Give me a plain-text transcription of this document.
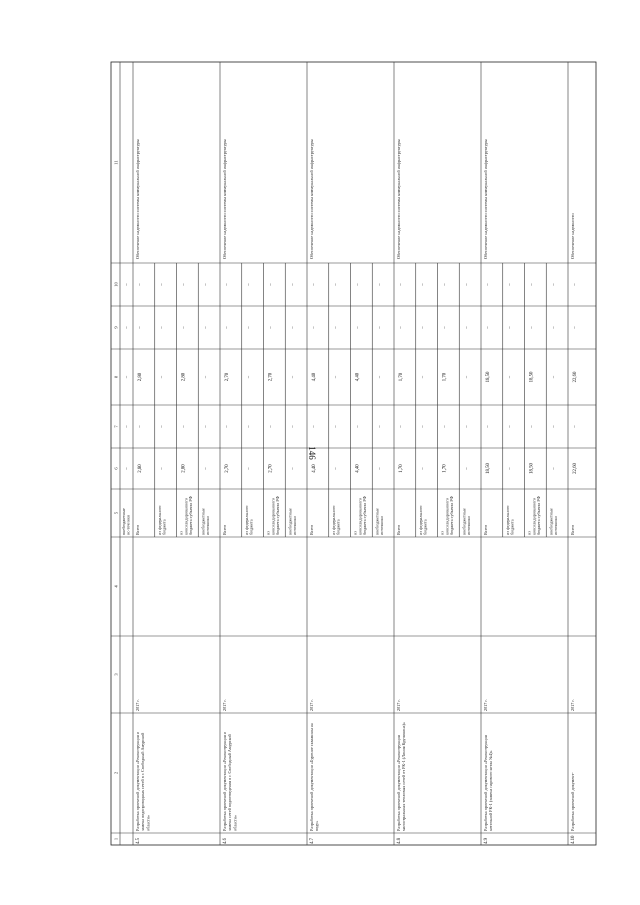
146
1
2
3
4
5
6
7
8
9
10
11
внебюджетные ис-точники
–
–
–
–
–
4.5
Разработка проектной документации «Реконструкция и замена водопроводных сетей в г. Свободный Амурской области»
2017 г.
Обеспечение надежности системы коммунальной инфраструктуры
Всего
2,80
–
2,80
–
–
из федерального бюджета
–
–
–
–
–
из консолидированного бюджета субъекта РФ
2,80
–
2,80
–
–
внебюджетные источники
–
–
–
–
–
4.6
Разработка проектной документации «Реконструкция и замена сетей водоотведения в г. Свободный Амурской области»
2017 г.
Обеспечение надежности системы коммунальной инфраструктуры
Всего
2,70
–
2,70
–
–
из федерального бюджета
–
–
–
–
–
из консолидированного бюджета субъекта РФ
2,70
–
2,70
–
–
внебюджетные источники
–
–
–
–
–
4.7
Разработка проектной документации «Бурение скважины на воду»
2017 г.
Обеспечение надежности системы коммунальной инфраструктуры
Всего
4,40
–
4,40
–
–
из федерального бюджета
–
–
–
–
–
из консолидированного бюджета субъекта РФ
4,40
–
4,40
–
–
внебюджетные источники
–
–
–
–
–
4.8
Разработка проектной документации «Реконструкция магистральных тепловых сетей от РК-1 (Линия Кручинина)»
2017 г.
Обеспечение надежности системы коммунальной инфраструктуры
Всего
1,70
–
1,70
–
–
из федерального бюджета
–
–
–
–
–
из консолидированного бюджета субъекта РФ
1,70
–
1,70
–
–
внебюджетные источники
–
–
–
–
–
4.9
Разработка проектной документации «Реконструкция котельной РК-1 (замена парового котла №4)»
2017 г.
Обеспечение надежности системы коммунальной инфраструктуры
Всего
18,50
–
18,50
–
–
из федерального бюджета
–
–
–
–
–
из консолидированного бюджета субъекта РФ
18,50
–
18,50
–
–
внебюджетные источники
–
–
–
–
–
4.10
Разработка проектной документ-
2017 г.
Обеспечение надежности
Всего
22,60
–
22,60
–
–
